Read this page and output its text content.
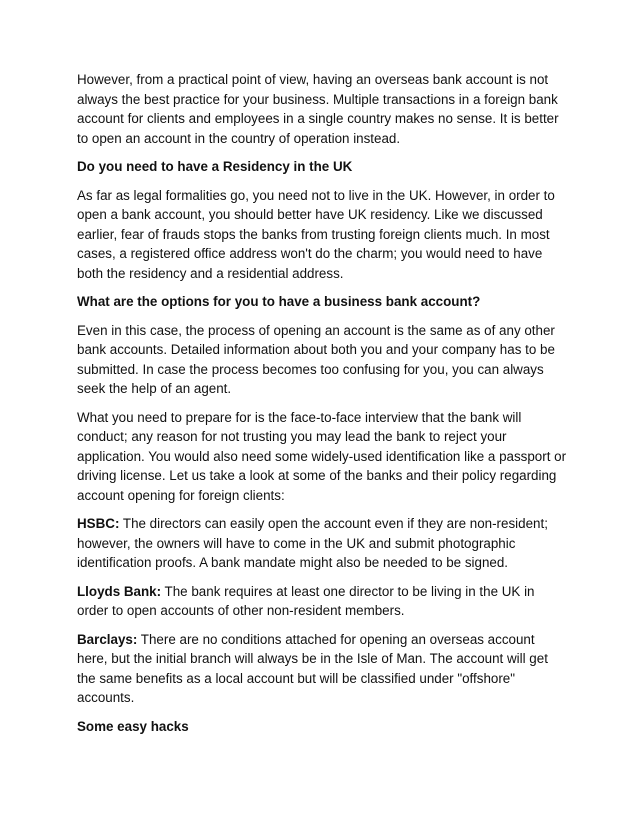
However, from a practical point of view, having an overseas bank account is not always the best practice for your business. Multiple transactions in a foreign bank account for clients and employees in a single country makes no sense. It is better to open an account in the country of operation instead.

Do you need to have a Residency in the UK

As far as legal formalities go, you need not to live in the UK. However, in order to open a bank account, you should better have UK residency. Like we discussed earlier, fear of frauds stops the banks from trusting foreign clients much. In most cases, a registered office address won't do the charm; you would need to have both the residency and a residential address.

What are the options for you to have a business bank account?

Even in this case, the process of opening an account is the same as of any other bank accounts. Detailed information about both you and your company has to be submitted. In case the process becomes too confusing for you, you can always seek the help of an agent.

What you need to prepare for is the face-to-face interview that the bank will conduct; any reason for not trusting you may lead the bank to reject your application. You would also need some widely-used identification like a passport or driving license. Let us take a look at some of the banks and their policy regarding account opening for foreign clients:

HSBC: The directors can easily open the account even if they are non-resident; however, the owners will have to come in the UK and submit photographic identification proofs. A bank mandate might also be needed to be signed.

Lloyds Bank: The bank requires at least one director to be living in the UK in order to open accounts of other non-resident members.

Barclays: There are no conditions attached for opening an overseas account here, but the initial branch will always be in the Isle of Man. The account will get the same benefits as a local account but will be classified under "offshore" accounts.

Some easy hacks
